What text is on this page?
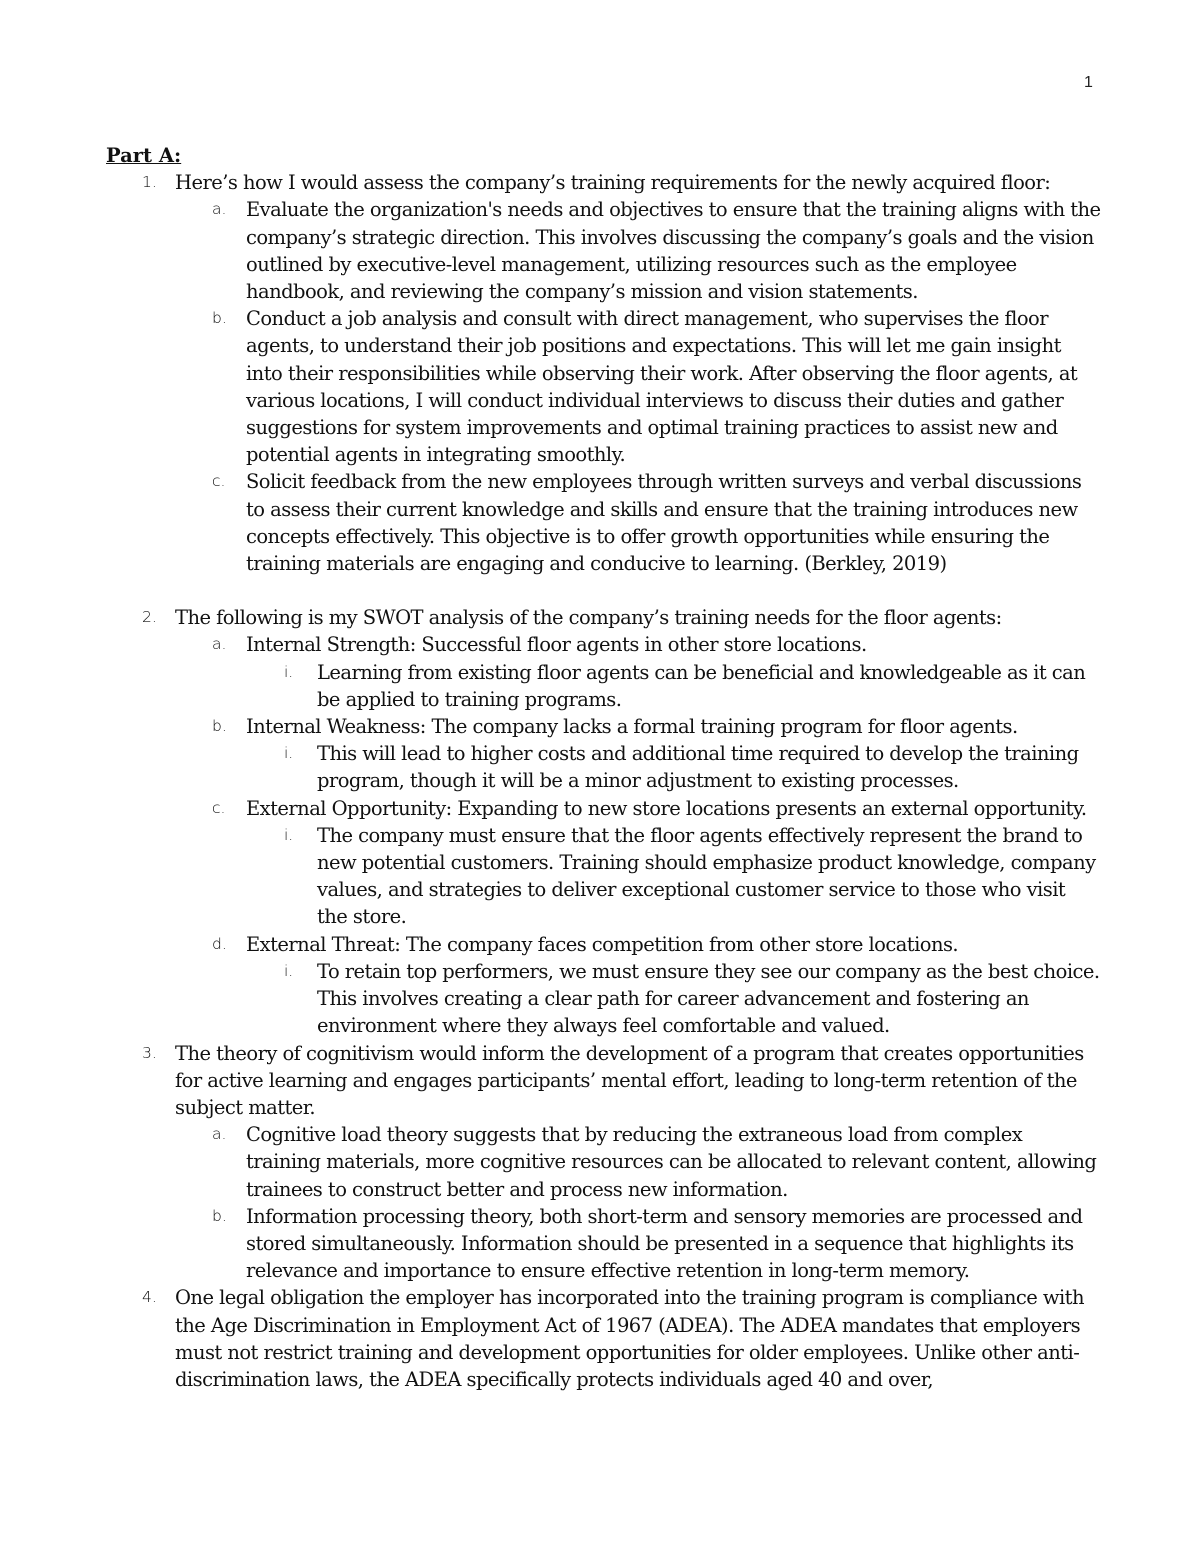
1
Part A:
1. Here’s how I would assess the company’s training requirements for the newly acquired floor:
a. Evaluate the organization's needs and objectives to ensure that the training aligns with the company’s strategic direction. This involves discussing the company’s goals and the vision outlined by executive-level management, utilizing resources such as the employee handbook, and reviewing the company’s mission and vision statements.
b. Conduct a job analysis and consult with direct management, who supervises the floor agents, to understand their job positions and expectations. This will let me gain insight into their responsibilities while observing their work. After observing the floor agents, at various locations, I will conduct individual interviews to discuss their duties and gather suggestions for system improvements and optimal training practices to assist new and potential agents in integrating smoothly.
c. Solicit feedback from the new employees through written surveys and verbal discussions to assess their current knowledge and skills and ensure that the training introduces new concepts effectively. This objective is to offer growth opportunities while ensuring the training materials are engaging and conducive to learning. (Berkley, 2019)
2. The following is my SWOT analysis of the company’s training needs for the floor agents:
a. Internal Strength: Successful floor agents in other store locations.
i. Learning from existing floor agents can be beneficial and knowledgeable as it can be applied to training programs.
b. Internal Weakness: The company lacks a formal training program for floor agents.
i. This will lead to higher costs and additional time required to develop the training program, though it will be a minor adjustment to existing processes.
c. External Opportunity: Expanding to new store locations presents an external opportunity.
i. The company must ensure that the floor agents effectively represent the brand to new potential customers. Training should emphasize product knowledge, company values, and strategies to deliver exceptional customer service to those who visit the store.
d. External Threat: The company faces competition from other store locations.
i. To retain top performers, we must ensure they see our company as the best choice. This involves creating a clear path for career advancement and fostering an environment where they always feel comfortable and valued.
3. The theory of cognitivism would inform the development of a program that creates opportunities for active learning and engages participants’ mental effort, leading to long-term retention of the subject matter.
a. Cognitive load theory suggests that by reducing the extraneous load from complex training materials, more cognitive resources can be allocated to relevant content, allowing trainees to construct better and process new information.
b. Information processing theory, both short-term and sensory memories are processed and stored simultaneously. Information should be presented in a sequence that highlights its relevance and importance to ensure effective retention in long-term memory.
4. One legal obligation the employer has incorporated into the training program is compliance with the Age Discrimination in Employment Act of 1967 (ADEA). The ADEA mandates that employers must not restrict training and development opportunities for older employees. Unlike other anti-discrimination laws, the ADEA specifically protects individuals aged 40 and over,
